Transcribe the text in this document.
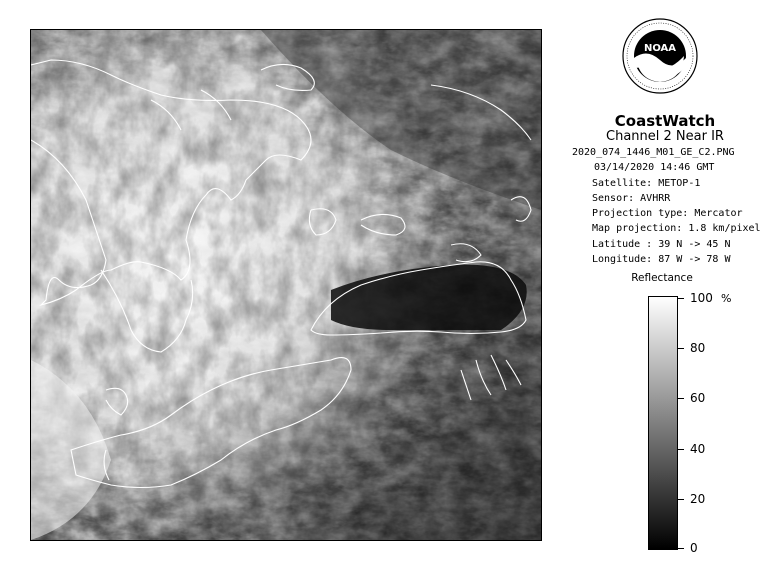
NOAA
CoastWatch
Channel 2 Near IR
2020_074_1446_M01_GE_C2.PNG
03/14/2020 14:46 GMT
Satellite: METOP-1
Sensor: AVHRR
Projection type: Mercator
Map projection: 1.8 km/pixel
Latitude : 39 N -> 45 N
Longitude: 87 W -> 78 W
Reflectance
%
100
80
60
40
20
0
